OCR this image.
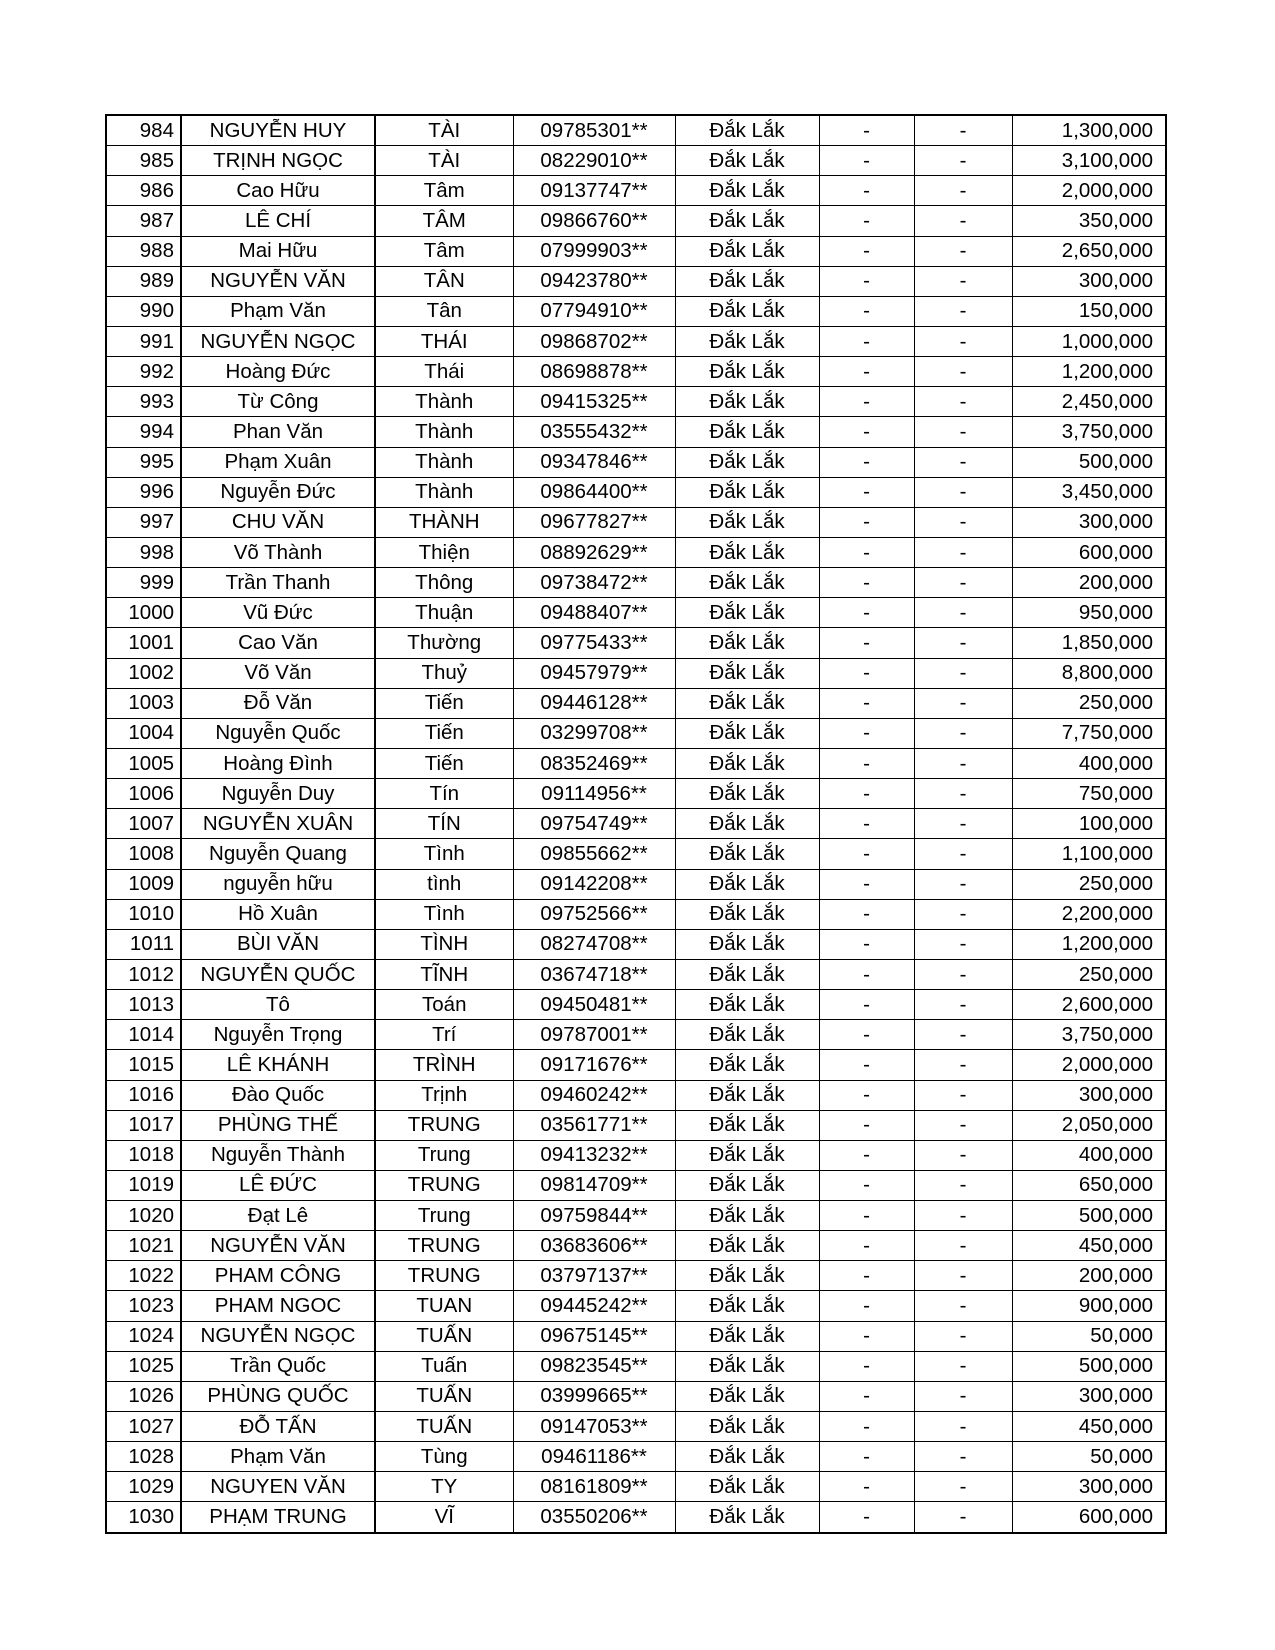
984	NGUYỄN HUY	TÀI	09785301**	Đắk Lắk	-	-	1,300,000
985	TRỊNH NGỌC	TÀI	08229010**	Đắk Lắk	-	-	3,100,000
986	Cao Hữu	Tâm	09137747**	Đắk Lắk	-	-	2,000,000
987	LÊ CHÍ	TÂM	09866760**	Đắk Lắk	-	-	350,000
988	Mai Hữu	Tâm	07999903**	Đắk Lắk	-	-	2,650,000
989	NGUYỄN VĂN	TÂN	09423780**	Đắk Lắk	-	-	300,000
990	Phạm Văn	Tân	07794910**	Đắk Lắk	-	-	150,000
991	NGUYỄN NGỌC	THÁI	09868702**	Đắk Lắk	-	-	1,000,000
992	Hoàng Đức	Thái	08698878**	Đắk Lắk	-	-	1,200,000
993	Từ Công	Thành	09415325**	Đắk Lắk	-	-	2,450,000
994	Phan Văn	Thành	03555432**	Đắk Lắk	-	-	3,750,000
995	Phạm Xuân	Thành	09347846**	Đắk Lắk	-	-	500,000
996	Nguyễn Đức	Thành	09864400**	Đắk Lắk	-	-	3,450,000
997	CHU VĂN	THÀNH	09677827**	Đắk Lắk	-	-	300,000
998	Võ Thành	Thiện	08892629**	Đắk Lắk	-	-	600,000
999	Trần Thanh	Thông	09738472**	Đắk Lắk	-	-	200,000
1000	Vũ Đức	Thuận	09488407**	Đắk Lắk	-	-	950,000
1001	Cao Văn	Thường	09775433**	Đắk Lắk	-	-	1,850,000
1002	Võ Văn	Thuỷ	09457979**	Đắk Lắk	-	-	8,800,000
1003	Đỗ Văn	Tiến	09446128**	Đắk Lắk	-	-	250,000
1004	Nguyễn Quốc	Tiến	03299708**	Đắk Lắk	-	-	7,750,000
1005	Hoàng Đình	Tiến	08352469**	Đắk Lắk	-	-	400,000
1006	Nguyễn Duy	Tín	09114956**	Đắk Lắk	-	-	750,000
1007	NGUYỄN XUÂN	TÍN	09754749**	Đắk Lắk	-	-	100,000
1008	Nguyễn Quang	Tình	09855662**	Đắk Lắk	-	-	1,100,000
1009	nguyễn hữu	tình	09142208**	Đắk Lắk	-	-	250,000
1010	Hồ Xuân	Tình	09752566**	Đắk Lắk	-	-	2,200,000
1011	BÙI VĂN	TÌNH	08274708**	Đắk Lắk	-	-	1,200,000
1012	NGUYỄN QUỐC	TĨNH	03674718**	Đắk Lắk	-	-	250,000
1013	Tô	Toán	09450481**	Đắk Lắk	-	-	2,600,000
1014	Nguyễn Trọng	Trí	09787001**	Đắk Lắk	-	-	3,750,000
1015	LÊ KHÁNH	TRÌNH	09171676**	Đắk Lắk	-	-	2,000,000
1016	Đào Quốc	Trịnh	09460242**	Đắk Lắk	-	-	300,000
1017	PHÙNG THẾ	TRUNG	03561771**	Đắk Lắk	-	-	2,050,000
1018	Nguyễn Thành	Trung	09413232**	Đắk Lắk	-	-	400,000
1019	LÊ ĐỨC	TRUNG	09814709**	Đắk Lắk	-	-	650,000
1020	Đạt Lê	Trung	09759844**	Đắk Lắk	-	-	500,000
1021	NGUYỄN VĂN	TRUNG	03683606**	Đắk Lắk	-	-	450,000
1022	PHAM CÔNG	TRUNG	03797137**	Đắk Lắk	-	-	200,000
1023	PHAM NGOC	TUAN	09445242**	Đắk Lắk	-	-	900,000
1024	NGUYỄN NGỌC	TUẤN	09675145**	Đắk Lắk	-	-	50,000
1025	Trần Quốc	Tuấn	09823545**	Đắk Lắk	-	-	500,000
1026	PHÙNG QUỐC	TUẤN	03999665**	Đắk Lắk	-	-	300,000
1027	ĐỖ TẤN	TUẤN	09147053**	Đắk Lắk	-	-	450,000
1028	Phạm Văn	Tùng	09461186**	Đắk Lắk	-	-	50,000
1029	NGUYEN VĂN	TY	08161809**	Đắk Lắk	-	-	300,000
1030	PHẠM TRUNG	VĨ	03550206**	Đắk Lắk	-	-	600,000
